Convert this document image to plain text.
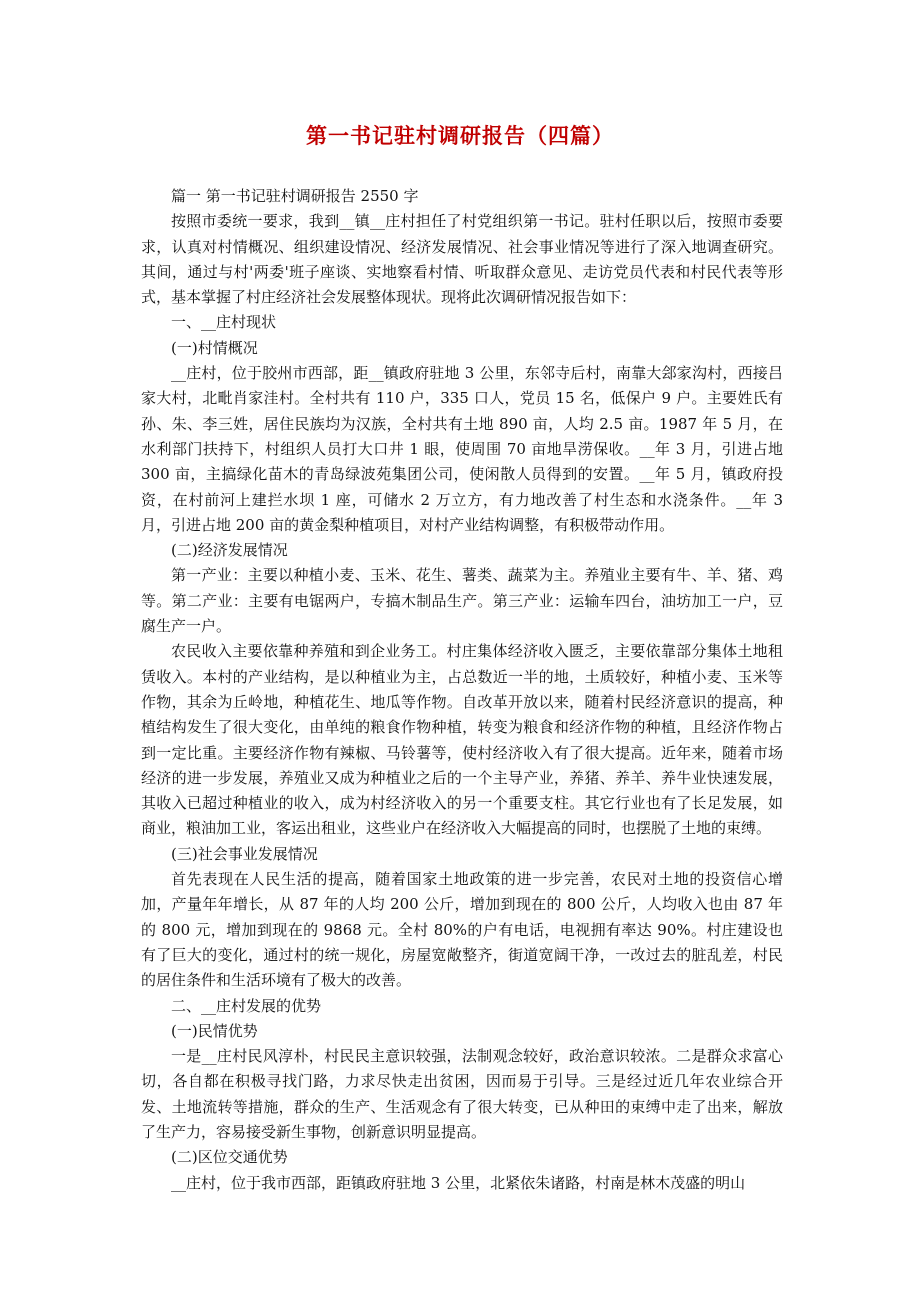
第一书记驻村调研报告（四篇）

篇一 第一书记驻村调研报告 2550 字

按照市委统一要求，我到__镇__庄村担任了村党组织第一书记。驻村任职以后，按照市委要求，认真对村情概况、组织建设情况、经济发展情况、社会事业情况等进行了深入地调查研究。其间，通过与村'两委'班子座谈、实地察看村情、听取群众意见、走访党员代表和村民代表等形式，基本掌握了村庄经济社会发展整体现状。现将此次调研情况报告如下：

一、__庄村现状

(一)村情概况

__庄村，位于胶州市西部，距__镇政府驻地 3 公里，东邻寺后村，南靠大郐家沟村，西接吕家大村，北毗肖家洼村。全村共有 110 户，335 口人，党员 15 名，低保户 9 户。主要姓氏有孙、朱、李三姓，居住民族均为汉族，全村共有土地 890 亩，人均 2.5 亩。1987 年 5 月，在水利部门扶持下，村组织人员打大口井 1 眼，使周围 70 亩地旱涝保收。__年 3 月，引进占地 300 亩，主搞绿化苗木的青岛绿波苑集团公司，使闲散人员得到的安置。__年 5 月，镇政府投资，在村前河上建拦水坝 1 座，可储水 2 万立方，有力地改善了村生态和水浇条件。__年 3 月，引进占地 200 亩的黄金梨种植项目，对村产业结构调整，有积极带动作用。

(二)经济发展情况

第一产业：主要以种植小麦、玉米、花生、薯类、蔬菜为主。养殖业主要有牛、羊、猪、鸡等。第二产业：主要有电锯两户，专搞木制品生产。第三产业：运输车四台，油坊加工一户，豆腐生产一户。

农民收入主要依靠种养殖和到企业务工。村庄集体经济收入匮乏，主要依靠部分集体土地租赁收入。本村的产业结构，是以种植业为主，占总数近一半的地，土质较好，种植小麦、玉米等作物，其余为丘岭地，种植花生、地瓜等作物。自改革开放以来，随着村民经济意识的提高，种植结构发生了很大变化，由单纯的粮食作物种植，转变为粮食和经济作物的种植，且经济作物占到一定比重。主要经济作物有辣椒、马铃薯等，使村经济收入有了很大提高。近年来，随着市场经济的进一步发展，养殖业又成为种植业之后的一个主导产业，养猪、养羊、养牛业快速发展，其收入已超过种植业的收入，成为村经济收入的另一个重要支柱。其它行业也有了长足发展，如商业，粮油加工业，客运出租业，这些业户在经济收入大幅提高的同时，也摆脱了土地的束缚。

(三)社会事业发展情况

首先表现在人民生活的提高，随着国家土地政策的进一步完善，农民对土地的投资信心增加，产量年年增长，从 87 年的人均 200 公斤，增加到现在的 800 公斤，人均收入也由 87 年的 800 元，增加到现在的 9868 元。全村 80%的户有电话，电视拥有率达 90%。村庄建设也有了巨大的变化，通过村的统一规化，房屋宽敞整齐，街道宽阔干净，一改过去的脏乱差，村民的居住条件和生活环境有了极大的改善。

二、__庄村发展的优势

(一)民情优势

一是__庄村民风淳朴，村民民主意识较强，法制观念较好，政治意识较浓。二是群众求富心切，各自都在积极寻找门路，力求尽快走出贫困，因而易于引导。三是经过近几年农业综合开发、土地流转等措施，群众的生产、生活观念有了很大转变，已从种田的束缚中走了出来，解放了生产力，容易接受新生事物，创新意识明显提高。

(二)区位交通优势

__庄村，位于我市西部，距镇政府驻地 3 公里，北紧依朱诸路，村南是林木茂盛的明山
